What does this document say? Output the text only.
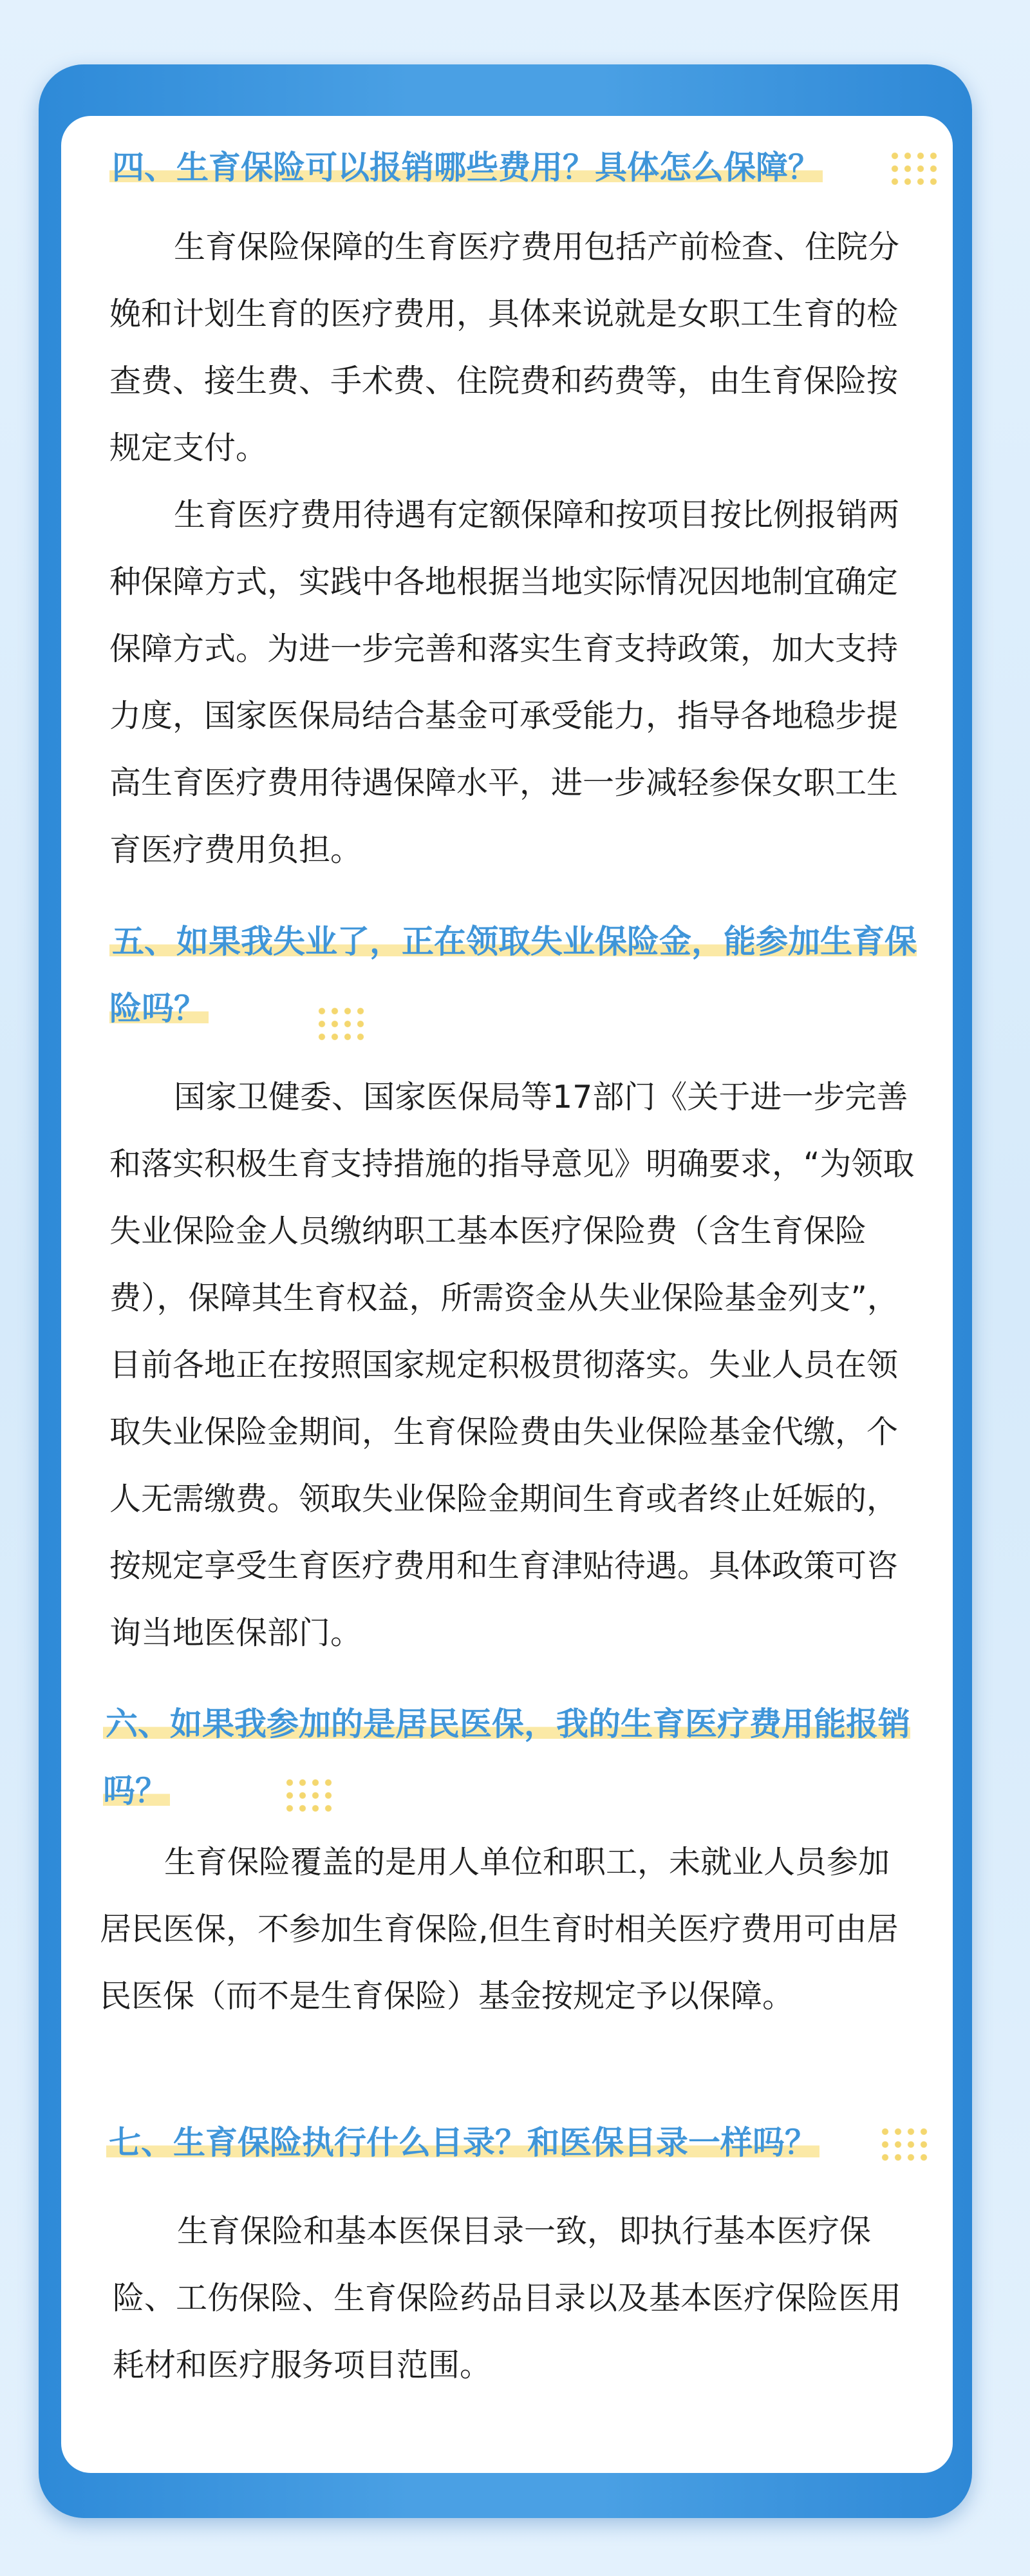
四、生育保险可以报销哪些费用？具体怎么保障？

生育保险保障的生育医疗费用包括产前检查、住院分娩和计划生育的医疗费用，具体来说就是女职工生育的检查费、接生费、手术费、住院费和药费等，由生育保险按规定支付。

生育医疗费用待遇有定额保障和按项目按比例报销两种保障方式，实践中各地根据当地实际情况因地制宜确定保障方式。为进一步完善和落实生育支持政策，加大支持力度，国家医保局结合基金可承受能力，指导各地稳步提高生育医疗费用待遇保障水平，进一步减轻参保女职工生育医疗费用负担。

五、如果我失业了，正在领取失业保险金，能参加生育保险吗？

国家卫健委、国家医保局等17部门《关于进一步完善和落实积极生育支持措施的指导意见》明确要求，“为领取失业保险金人员缴纳职工基本医疗保险费（含生育保险费），保障其生育权益，所需资金从失业保险基金列支”，目前各地正在按照国家规定积极贯彻落实。失业人员在领取失业保险金期间，生育保险费由失业保险基金代缴，个人无需缴费。领取失业保险金期间生育或者终止妊娠的，按规定享受生育医疗费用和生育津贴待遇。具体政策可咨询当地医保部门。

六、如果我参加的是居民医保，我的生育医疗费用能报销吗？

生育保险覆盖的是用人单位和职工，未就业人员参加居民医保，不参加生育保险,但生育时相关医疗费用可由居民医保（而不是生育保险）基金按规定予以保障。

七、生育保险执行什么目录？和医保目录一样吗？

生育保险和基本医保目录一致，即执行基本医疗保险、工伤保险、生育保险药品目录以及基本医疗保险医用耗材和医疗服务项目范围。
